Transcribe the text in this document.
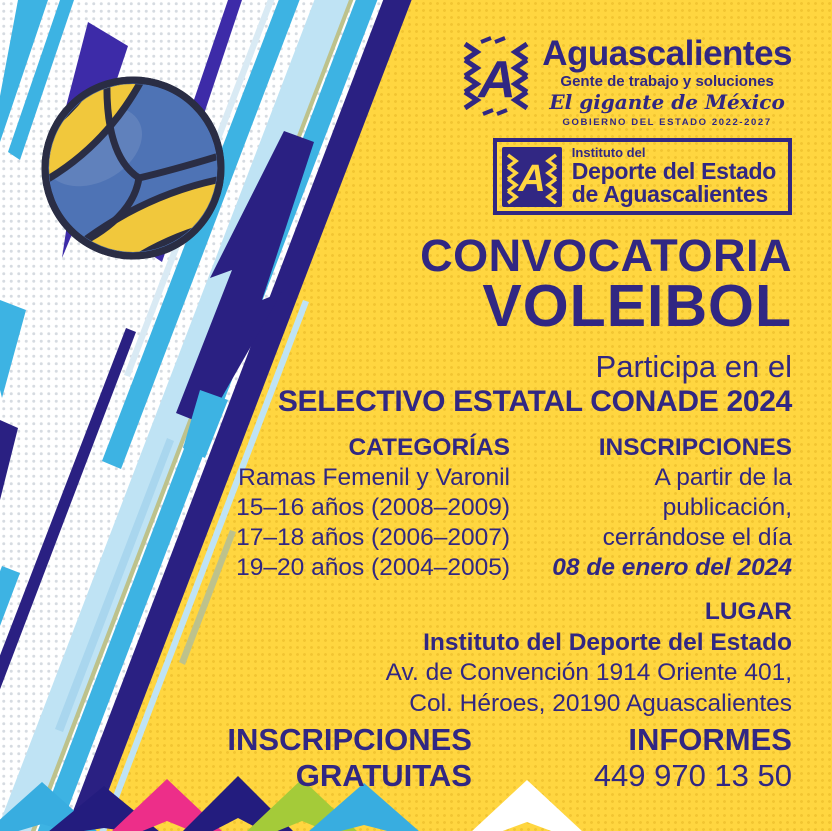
A Aguascalientes
Gente de trabajo y soluciones
El gigante de México
GOBIERNO DEL ESTADO 2022-2027
A
Instituto del
Deporte del Estado
de Aguascalientes
CONVOCATORIA
VOLEIBOL
Participa en el
SELECTIVO ESTATAL CONADE 2024
CATEGORÍAS
Ramas Femenil y Varonil
15–16 años (2008–2009)
17–18 años (2006–2007)
19–20 años (2004–2005)
INSCRIPCIONES
A partir de la
publicación,
cerrándose el día
08 de enero del 2024
LUGAR
Instituto del Deporte del Estado
Av. de Convención 1914 Oriente 401,
Col. Héroes, 20190 Aguascalientes
INSCRIPCIONES
GRATUITAS
INFORMES
449 970 13 50
